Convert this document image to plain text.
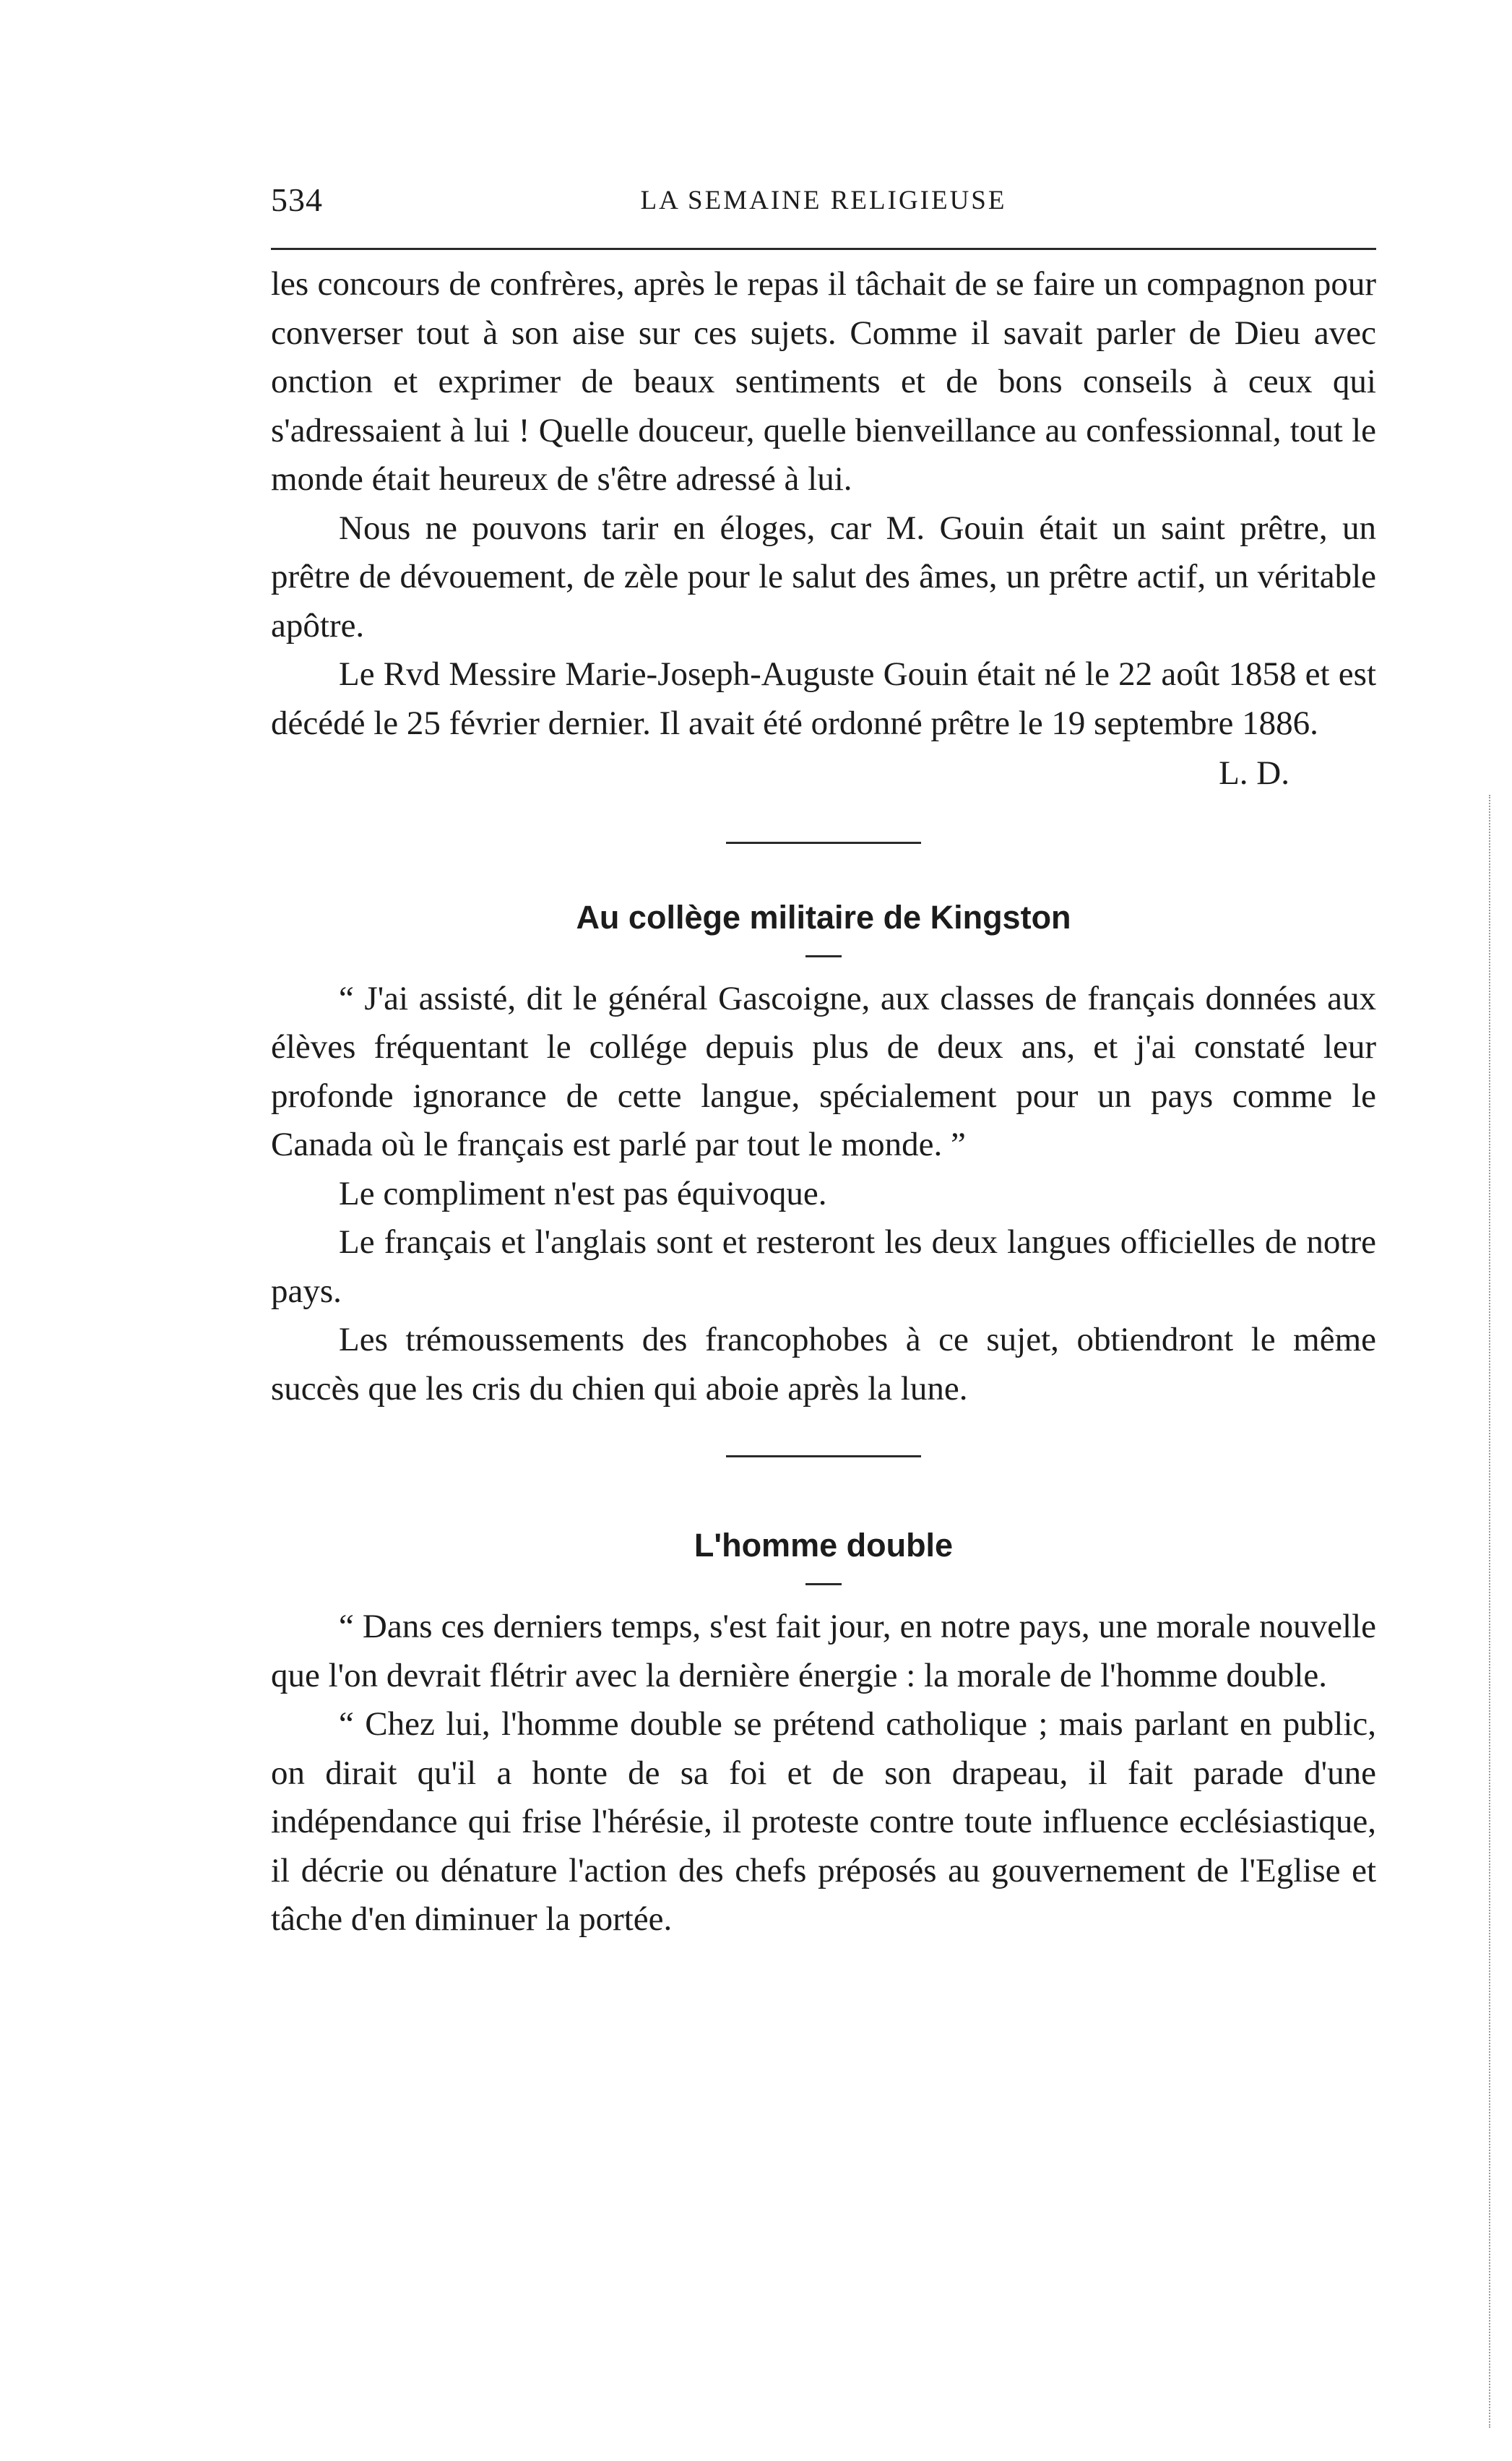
534	LA SEMAINE RELIGIEUSE

les concours de confrères, après le repas il tâchait de se faire un compagnon pour converser tout à son aise sur ces sujets. Comme il savait parler de Dieu avec onction et exprimer de beaux sentiments et de bons conseils à ceux qui s'adressaient à lui ! Quelle douceur, quelle bienveillance au confessionnal, tout le monde était heureux de s'être adressé à lui.

Nous ne pouvons tarir en éloges, car M. Gouin était un saint prêtre, un prêtre de dévouement, de zèle pour le salut des âmes, un prêtre actif, un véritable apôtre.

Le Rvd Messire Marie-Joseph-Auguste Gouin était né le 22 août 1858 et est décédé le 25 février dernier. Il avait été ordonné prêtre le 19 septembre 1886.

L. D.
Au collège militaire de Kingston

“ J'ai assisté, dit le général Gascoigne, aux classes de français données aux élèves fréquentant le collége depuis plus de deux ans, et j'ai constaté leur profonde ignorance de cette langue, spécialement pour un pays comme le Canada où le français est parlé par tout le monde. ”

Le compliment n'est pas équivoque.

Le français et l'anglais sont et resteront les deux langues officielles de notre pays.

Les trémoussements des francophobes à ce sujet, obtiendront le même succès que les cris du chien qui aboie après la lune.

L'homme double

“ Dans ces derniers temps, s'est fait jour, en notre pays, une morale nouvelle que l'on devrait flétrir avec la dernière énergie : la morale de l'homme double.

“ Chez lui, l'homme double se prétend catholique ; mais parlant en public, on dirait qu'il a honte de sa foi et de son drapeau, il fait parade d'une indépendance qui frise l'hérésie, il proteste contre toute influence ecclésiastique, il décrie ou dénature l'action des chefs préposés au gouvernement de l'Eglise et tâche d'en diminuer la portée.
